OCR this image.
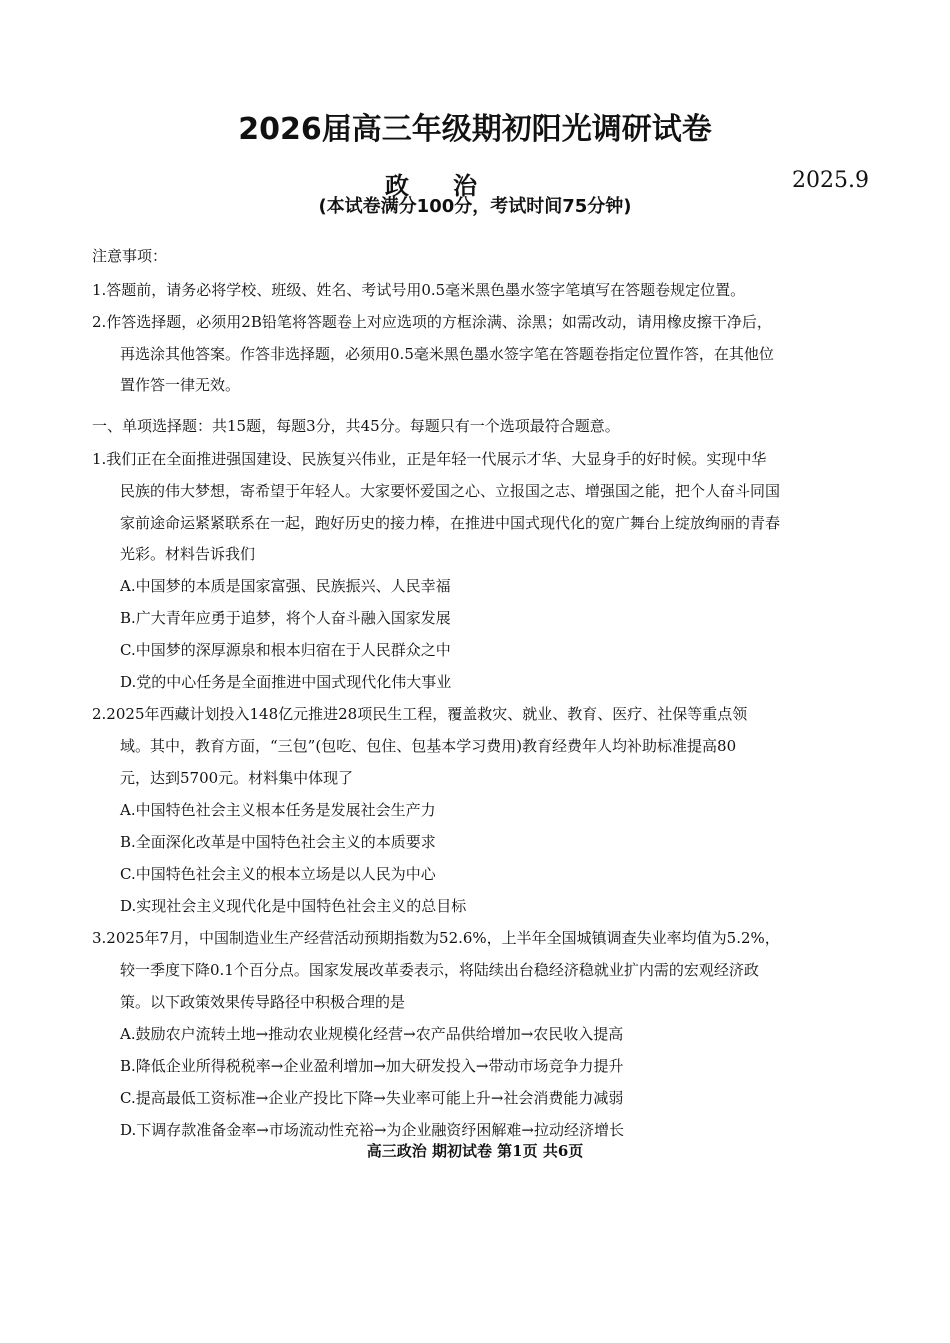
2026届高三年级期初阳光调研试卷
政 治	2025.9
(本试卷满分100分，考试时间75分钟)
注意事项：
1.答题前，请务必将学校、班级、姓名、考试号用0.5毫米黑色墨水签字笔填写在答题卷规定位置。
2.作答选择题，必须用2B铅笔将答题卷上对应选项的方框涂满、涂黑；如需改动，请用橡皮擦干净后，
再选涂其他答案。作答非选择题，必须用0.5毫米黑色墨水签字笔在答题卷指定位置作答，在其他位
置作答一律无效。
一、单项选择题：共15题，每题3分，共45分。每题只有一个选项最符合题意。
1.我们正在全面推进强国建设、民族复兴伟业，正是年轻一代展示才华、大显身手的好时候。实现中华
民族的伟大梦想，寄希望于年轻人。大家要怀爱国之心、立报国之志、增强国之能，把个人奋斗同国
家前途命运紧紧联系在一起，跑好历史的接力棒，在推进中国式现代化的宽广舞台上绽放绚丽的青春
光彩。材料告诉我们
A.中国梦的本质是国家富强、民族振兴、人民幸福
B.广大青年应勇于追梦，将个人奋斗融入国家发展
C.中国梦的深厚源泉和根本归宿在于人民群众之中
D.党的中心任务是全面推进中国式现代化伟大事业
2.2025年西藏计划投入148亿元推进28项民生工程，覆盖救灾、就业、教育、医疗、社保等重点领
域。其中，教育方面，“三包”(包吃、包住、包基本学习费用)教育经费年人均补助标准提高80
元，达到5700元。材料集中体现了
A.中国特色社会主义根本任务是发展社会生产力
B.全面深化改革是中国特色社会主义的本质要求
C.中国特色社会主义的根本立场是以人民为中心
D.实现社会主义现代化是中国特色社会主义的总目标
3.2025年7月，中国制造业生产经营活动预期指数为52.6%，上半年全国城镇调查失业率均值为5.2%，
较一季度下降0.1个百分点。国家发展改革委表示，将陆续出台稳经济稳就业扩内需的宏观经济政
策。以下政策效果传导路径中积极合理的是
A.鼓励农户流转土地→推动农业规模化经营→农产品供给增加→农民收入提高
B.降低企业所得税税率→企业盈利增加→加大研发投入→带动市场竞争力提升
C.提高最低工资标准→企业产投比下降→失业率可能上升→社会消费能力减弱
D.下调存款准备金率→市场流动性充裕→为企业融资纾困解难→拉动经济增长
高三政治 期初试卷 第1页 共6页
